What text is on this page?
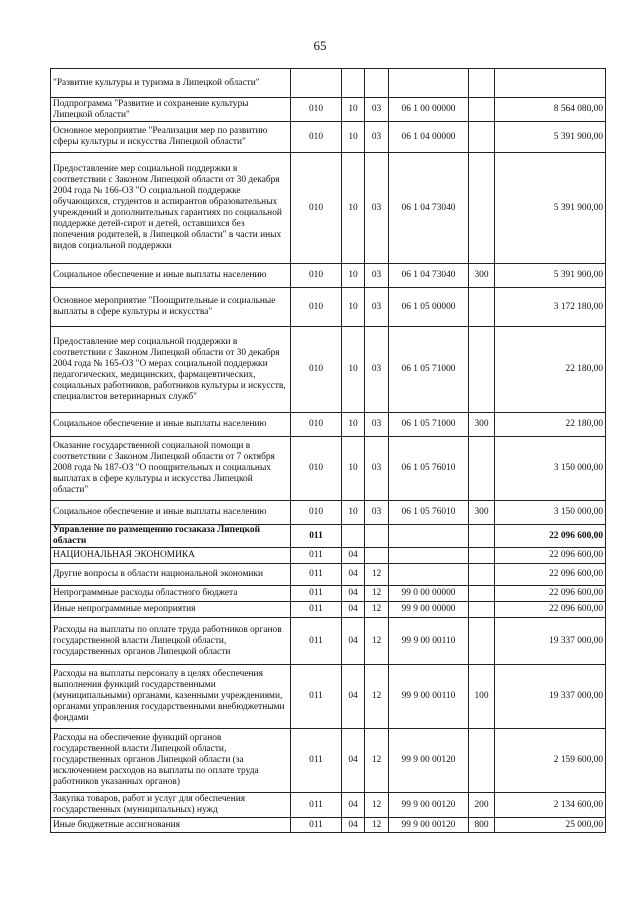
65
"Развитие культуры и туризма в Липецкой области"						
Подпрограмма "Развитие и сохранение культуры Липецкой области"	010	10	03	06 1 00 00000		8 564 080,00
Основное мероприятие "Реализация мер по развитию сферы культуры и искусства Липецкой области"	010	10	03	06 1 04 00000		5 391 900,00
Предоставление мер социальной поддержки в соответствии с Законом Липецкой области от 30 декабря 2004 года № 166-ОЗ "О социальной поддержке обучающихся, студентов и аспирантов образовательных учреждений и дополнительных гарантиях по социальной поддержке детей-сирот и детей, оставшихся без попечения родителей, в Липецкой области" в части иных видов социальной поддержки	010	10	03	06 1 04 73040		5 391 900,00
Социальное обеспечение и иные выплаты населению	010	10	03	06 1 04 73040	300	5 391 900,00
Основное мероприятие "Поощрительные и социальные выплаты в сфере культуры и искусства"	010	10	03	06 1 05 00000		3 172 180,00
Предоставление мер социальной поддержки в соответствии с Законом Липецкой области от 30 декабря 2004 года № 165-ОЗ "О мерах социальной поддержки педагогических, медицинских, фармацевтических, социальных работников, работников культуры и искусств, специалистов ветеринарных служб"	010	10	03	06 1 05 71000		22 180,00
Социальное обеспечение и иные выплаты населению	010	10	03	06 1 05 71000	300	22 180,00
Оказание государственной социальной помощи в соответствии с Законом Липецкой области от 7 октября 2008 года № 187-ОЗ "О поощрительных и социальных выплатах в сфере культуры и искусства Липецкой области"	010	10	03	06 1 05 76010		3 150 000,00
Социальное обеспечение и иные выплаты населению	010	10	03	06 1 05 76010	300	3 150 000,00
Управление по размещению госзаказа Липецкой области	011					22 096 600,00
НАЦИОНАЛЬНАЯ ЭКОНОМИКА	011	04				22 096 600,00
Другие вопросы в области национальной экономики	011	04	12			22 096 600,00
Непрограммные расходы областного бюджета	011	04	12	99 0 00 00000		22 096 600,00
Иные непрограммные мероприятия	011	04	12	99 9 00 00000		22 096 600,00
Расходы на выплаты по оплате труда работников органов государственной власти Липецкой области, государственных органов Липецкой области	011	04	12	99 9 00 00110		19 337 000,00
Расходы на выплаты персоналу в целях обеспечения выполнения функций государственными (муниципальными) органами, казенными учреждениями, органами управления государственными внебюджетными фондами	011	04	12	99 9 00 00110	100	19 337 000,00
Расходы на обеспечение функций органов государственной власти Липецкой области, государственных органов Липецкой области (за исключением расходов на выплаты по оплате труда работников указанных органов)	011	04	12	99 9 00 00120		2 159 600,00
Закупка товаров, работ и услуг для обеспечения государственных (муниципальных) нужд	011	04	12	99 9 00 00120	200	2 134 600,00
Иные бюджетные ассигнования	011	04	12	99 9 00 00120	800	25 000,00
